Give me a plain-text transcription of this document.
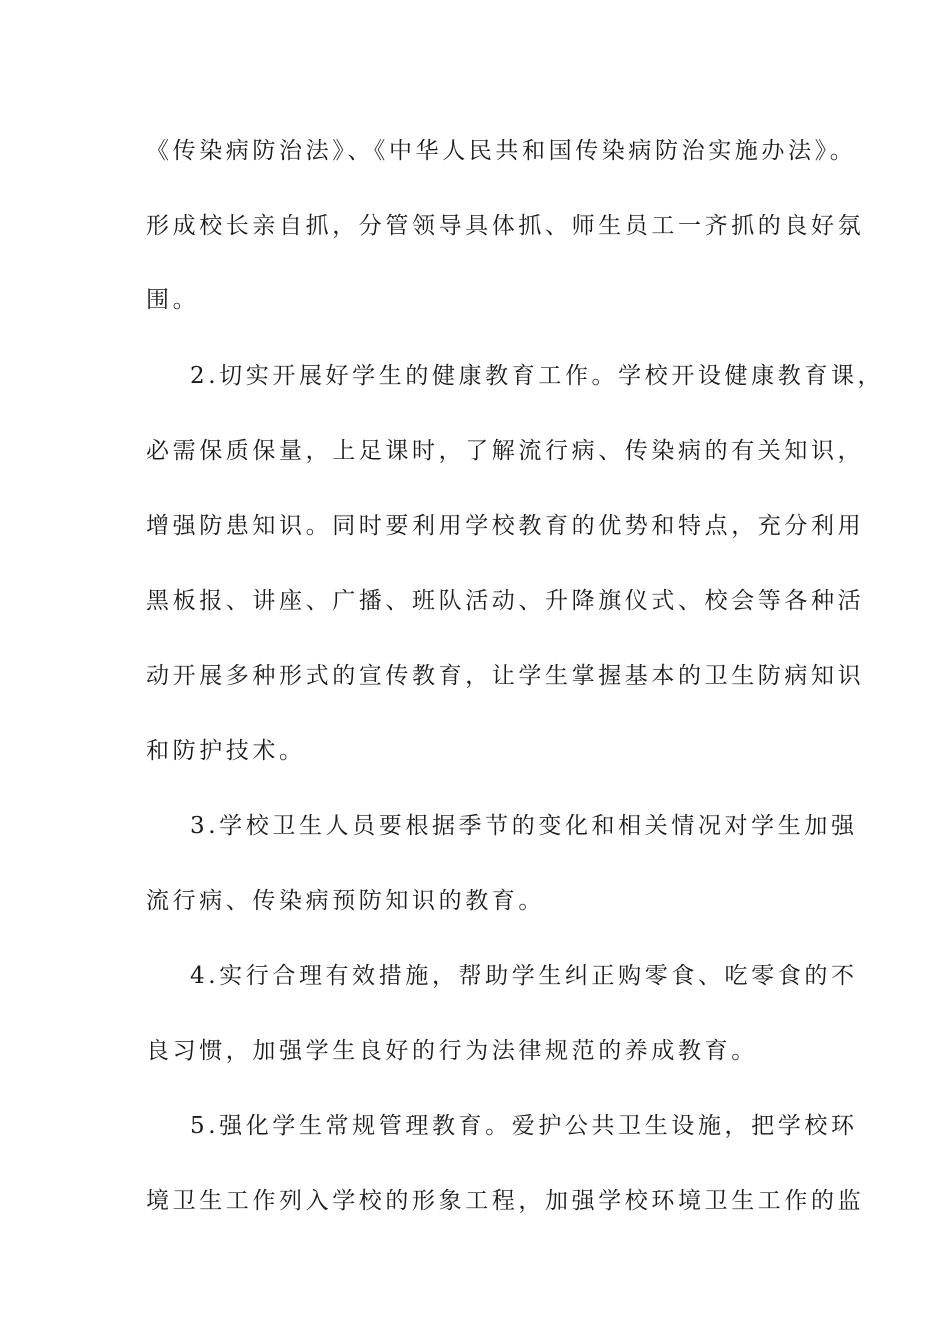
《传染病防治法》、《中华人民共和国传染病防治实施办法》。
形成校长亲自抓，分管领导具体抓、师生员工一齐抓的良好氛
围。
2.切实开展好学生的健康教育工作。学校开设健康教育课，
必需保质保量，上足课时，了解流行病、传染病的有关知识，
增强防患知识。同时要利用学校教育的优势和特点，充分利用
黑板报、讲座、广播、班队活动、升降旗仪式、校会等各种活
动开展多种形式的宣传教育，让学生掌握基本的卫生防病知识
和防护技术。
3.学校卫生人员要根据季节的变化和相关情况对学生加强
流行病、传染病预防知识的教育。
4.实行合理有效措施，帮助学生纠正购零食、吃零食的不
良习惯，加强学生良好的行为法律规范的养成教育。
5.强化学生常规管理教育。爱护公共卫生设施，把学校环
境卫生工作列入学校的形象工程，加强学校环境卫生工作的监
